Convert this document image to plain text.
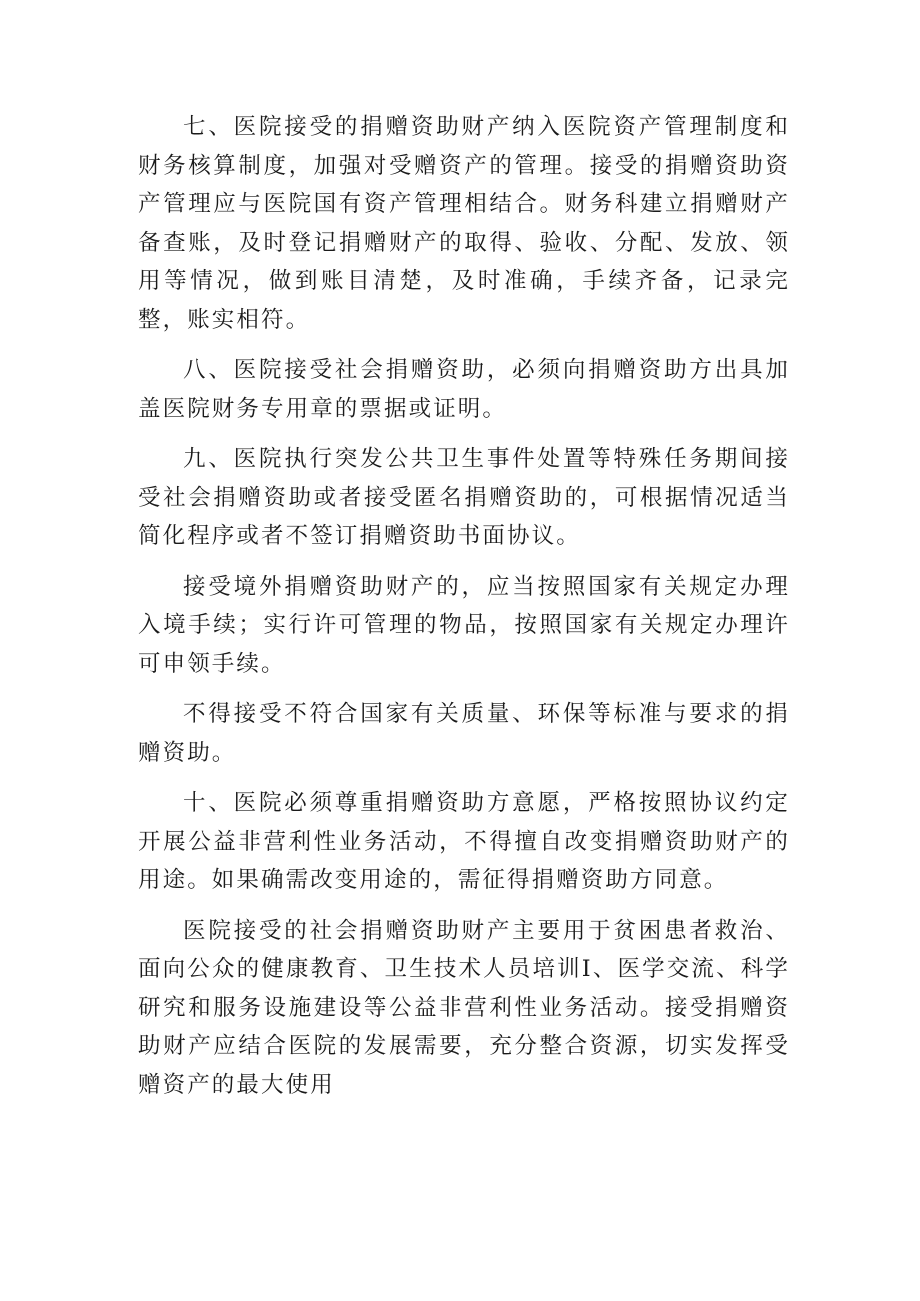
七、医院接受的捐赠资助财产纳入医院资产管理制度和财务核算制度，加强对受赠资产的管理。接受的捐赠资助资产管理应与医院国有资产管理相结合。财务科建立捐赠财产备查账，及时登记捐赠财产的取得、验收、分配、发放、领用等情况，做到账目清楚，及时准确，手续齐备，记录完整，账实相符。

八、医院接受社会捐赠资助，必须向捐赠资助方出具加盖医院财务专用章的票据或证明。

九、医院执行突发公共卫生事件处置等特殊任务期间接受社会捐赠资助或者接受匿名捐赠资助的，可根据情况适当简化程序或者不签订捐赠资助书面协议。

接受境外捐赠资助财产的，应当按照国家有关规定办理入境手续；实行许可管理的物品，按照国家有关规定办理许可申领手续。

不得接受不符合国家有关质量、环保等标准与要求的捐赠资助。

十、医院必须尊重捐赠资助方意愿，严格按照协议约定开展公益非营利性业务活动，不得擅自改变捐赠资助财产的用途。如果确需改变用途的，需征得捐赠资助方同意。

医院接受的社会捐赠资助财产主要用于贫困患者救治、面向公众的健康教育、卫生技术人员培训Ⅰ、医学交流、科学研究和服务设施建设等公益非营利性业务活动。接受捐赠资助财产应结合医院的发展需要，充分整合资源，切实发挥受赠资产的最大使用
